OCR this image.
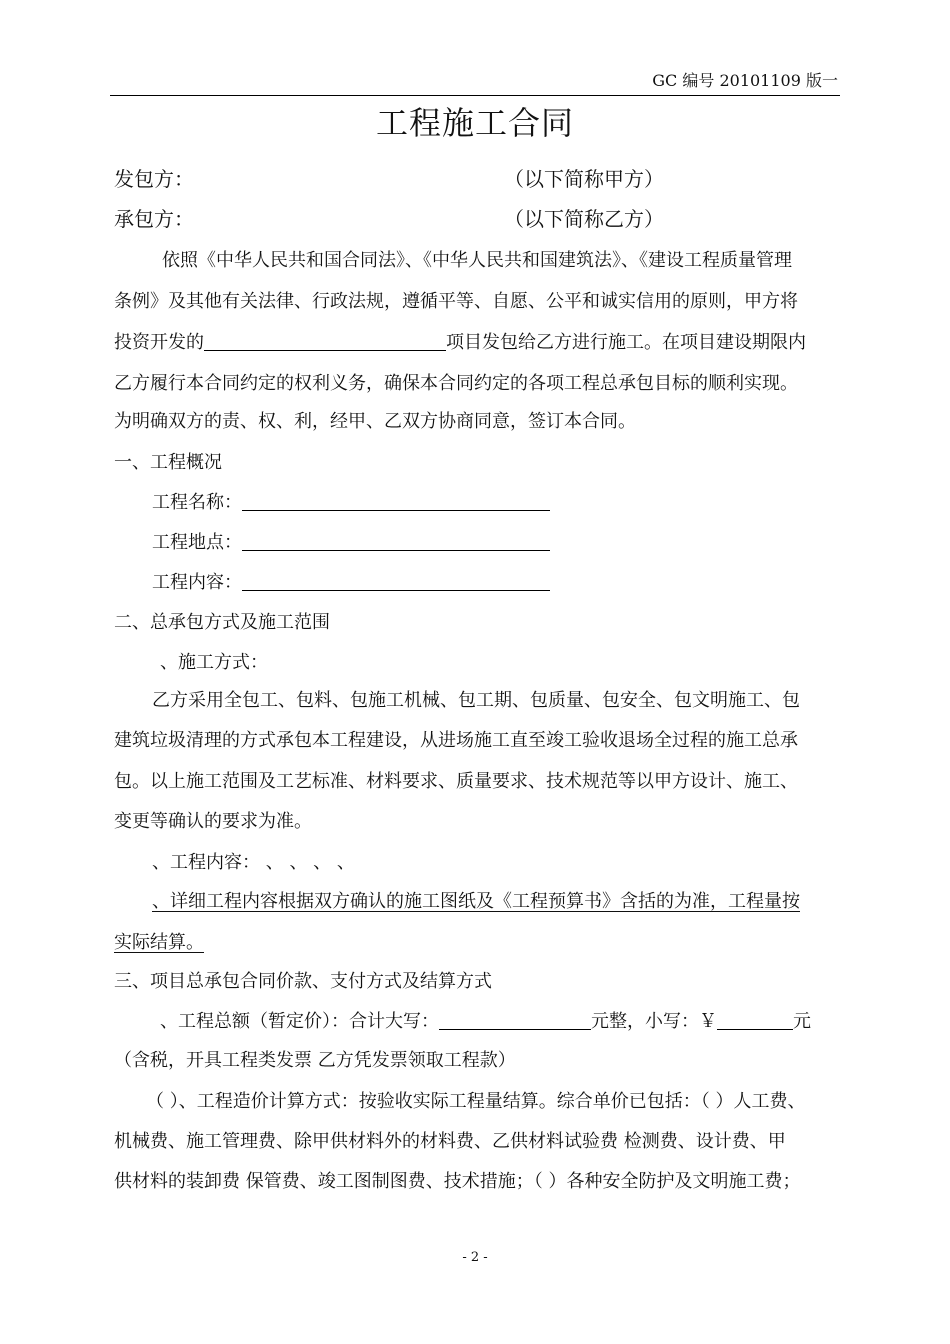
GC 编号 20101109 版一
工程施工合同
发包方：	（以下简称甲方）
承包方：	（以下简称乙方）
依照《中华人民共和国合同法》、《中华人民共和国建筑法》、《建设工程质量管理
条例》及其他有关法律、行政法规，遵循平等、自愿、公平和诚实信用的原则，甲方将
投资开发的	项目发包给乙方进行施工。在项目建设期限内
乙方履行本合同约定的权利义务，确保本合同约定的各项工程总承包目标的顺利实现。
为明确双方的责、权、利，经甲、乙双方协商同意，签订本合同。
一、工程概况
工程名称：
工程地点：
工程内容：
二、总承包方式及施工范围
、施工方式：
乙方采用全包工、包料、包施工机械、包工期、包质量、包安全、包文明施工、包
建筑垃圾清理的方式承包本工程建设，从进场施工直至竣工验收退场全过程的施工总承
包。以上施工范围及工艺标准、材料要求、质量要求、技术规范等以甲方设计、施工、
变更等确认的要求为准。
、工程内容： 、 、 、 、
、详细工程内容根据双方确认的施工图纸及《工程预算书》含括的为准，工程量按
实际结算。
三、项目总承包合同价款、支付方式及结算方式
、工程总额（暂定价）：合计大写：	元整，小写：￥	元
（含税，开具工程类发票 乙方凭发票领取工程款）
（ ）、工程造价计算方式：按验收实际工程量结算。综合单价已包括：（ ）人工费、
机械费、施工管理费、除甲供材料外的材料费、乙供材料试验费 检测费、设计费、甲
供材料的装卸费 保管费、竣工图制图费、技术措施；（ ）各种安全防护及文明施工费；
- 2 -
